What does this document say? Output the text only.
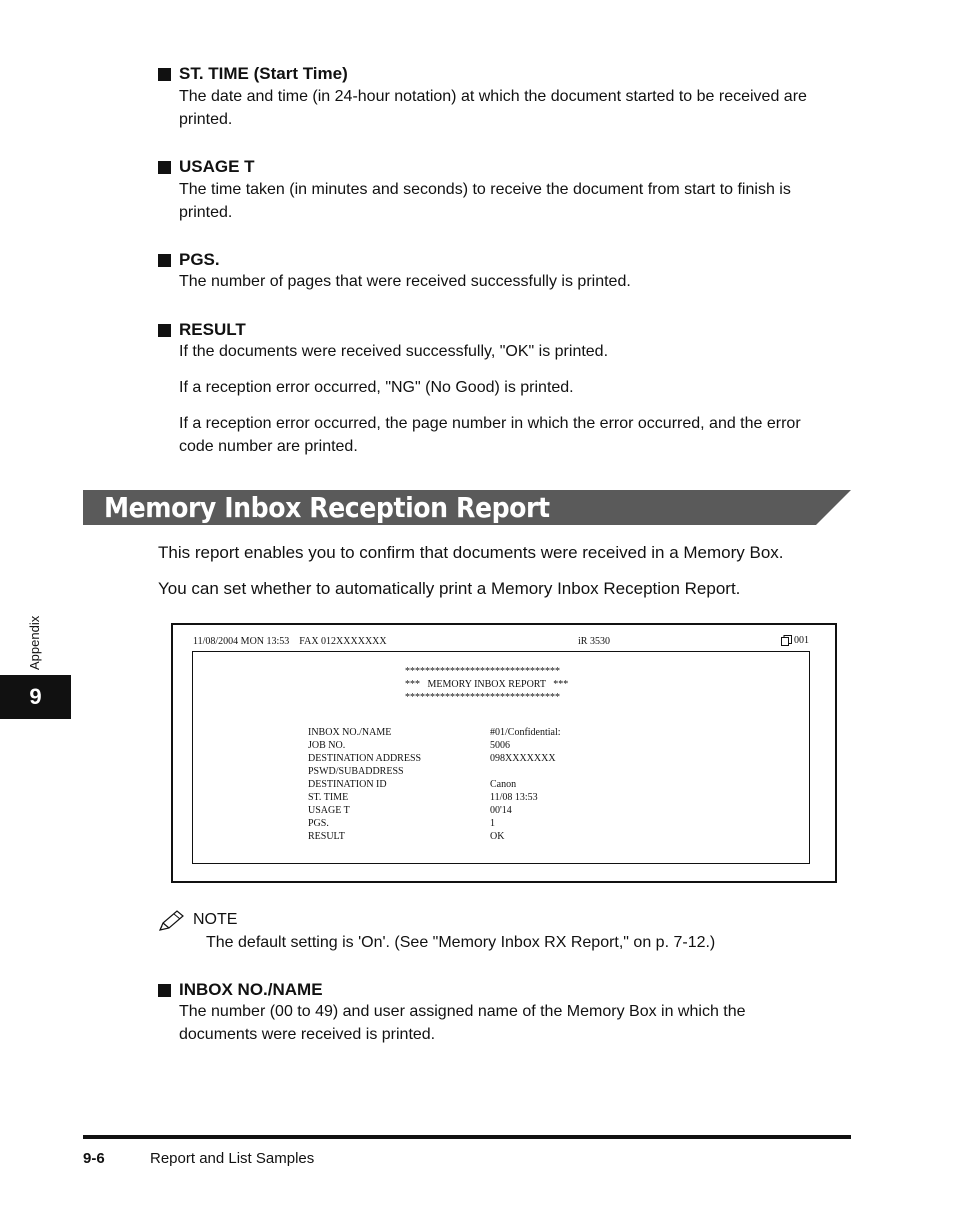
ST. TIME (Start Time)
The date and time (in 24-hour notation) at which the document started to be received are
printed.
USAGE T
The time taken (in minutes and seconds) to receive the document from start to finish is
printed.
PGS.
The number of pages that were received successfully is printed.
RESULT
If the documents were received successfully, "OK" is printed.
If a reception error occurred, "NG" (No Good) is printed.
If a reception error occurred, the page number in which the error occurred, and the error
code number are printed.
Memory Inbox Reception Report
This report enables you to confirm that documents were received in a Memory Box.
You can set whether to automatically print a Memory Inbox Reception Report.
11/08/2004 MON 13:53    FAX 012XXXXXXX	iR 3530	001
*******************************
***   MEMORY INBOX REPORT   ***
*******************************
INBOX NO./NAME	#01/Confidential:
JOB NO.	5006
DESTINATION ADDRESS	098XXXXXXX
PSWD/SUBADDRESS
DESTINATION ID	Canon
ST. TIME	11/08 13:53
USAGE T	00'14
PGS.	1
RESULT	OK
NOTE
The default setting is 'On'. (See "Memory Inbox RX Report," on p. 7-12.)
INBOX NO./NAME
The number (00 to 49) and user assigned name of the Memory Box in which the
documents were received is printed.
9
Appendix
9-6	Report and List Samples
